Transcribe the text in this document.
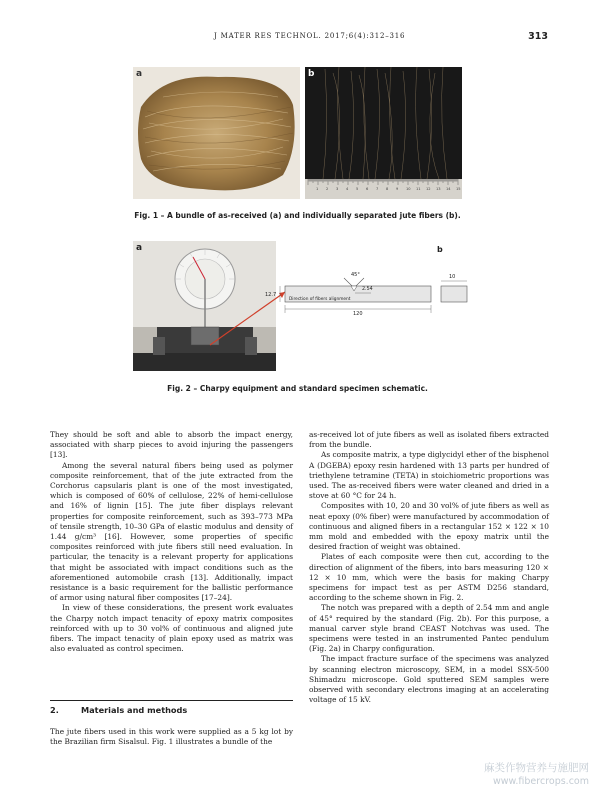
J MATER RES TECHNOL. 2017;6(4):312–316	313
a
1 2 3 4 5 6 7 8 9 10 11 12 13 14 15
b
Fig. 1 – A bundle of as-received (a) and individually separated jute fibers (b).
a
45°
2.54
Direction of fibers alignment
12.7
120
b
10
Fig. 2 – Charpy equipment and standard specimen schematic.

They should be soft and able to absorb the impact energy, associated with sharp pieces to avoid injuring the passengers [13].

Among the several natural fibers being used as polymer composite reinforcement, that of the jute extracted from the Corchorus capsularis plant is one of the most investigated, which is composed of 60% of cellulose, 22% of hemi-cellulose and 16% of lignin [15]. The jute fiber displays relevant properties for composite reinforcement, such as 393–773 MPa of tensile strength, 10–30 GPa of elastic modulus and density of 1.44 g/cm³ [16]. However, some properties of specific composites reinforced with jute fibers still need evaluation. In particular, the tenacity is a relevant property for applications that might be associated with impact conditions such as the aforementioned automobile crash [13]. Additionally, impact resistance is a basic requirement for the ballistic performance of armor using natural fiber composites [17–24].

In view of these considerations, the present work evaluates the Charpy notch impact tenacity of epoxy matrix composites reinforced with up to 30 vol% of continuous and aligned jute fibers. The impact tenacity of plain epoxy used as matrix was also evaluated as control specimen.

2.	Materials and methods
The jute fibers used in this work were supplied as a 5 kg lot by the Brazilian firm Sisalsul. Fig. 1 illustrates a bundle of the

as-received lot of jute fibers as well as isolated fibers extracted from the bundle.

As composite matrix, a type diglycidyl ether of the bisphenol A (DGEBA) epoxy resin hardened with 13 parts per hundred of triethylene tetramine (TETA) in stoichiometric proportions was used. The as-received fibers were water cleaned and dried in a stove at 60 °C for 24 h.

Composites with 10, 20 and 30 vol% of jute fibers as well as neat epoxy (0% fiber) were manufactured by accommodation of continuous and aligned fibers in a rectangular 152 × 122 × 10 mm mold and embedded with the epoxy matrix until the desired fraction of weight was obtained.

Plates of each composite were then cut, according to the direction of alignment of the fibers, into bars measuring 120 × 12 × 10 mm, which were the basis for making Charpy specimens for impact test as per ASTM D256 standard, according to the scheme shown in Fig. 2.

The notch was prepared with a depth of 2.54 mm and angle of 45° required by the standard (Fig. 2b). For this purpose, a manual carver style brand CEAST Notchvas was used. The specimens were tested in an instrumented Pantec pendulum (Fig. 2a) in Charpy configuration.

The impact fracture surface of the specimens was analyzed by scanning electron microscopy, SEM, in a model SSX-500 Shimadzu microscope. Gold sputtered SEM samples were observed with secondary electrons imaging at an accelerating voltage of 15 kV.

麻类作物营养与施肥网
www.fibercrops.com
